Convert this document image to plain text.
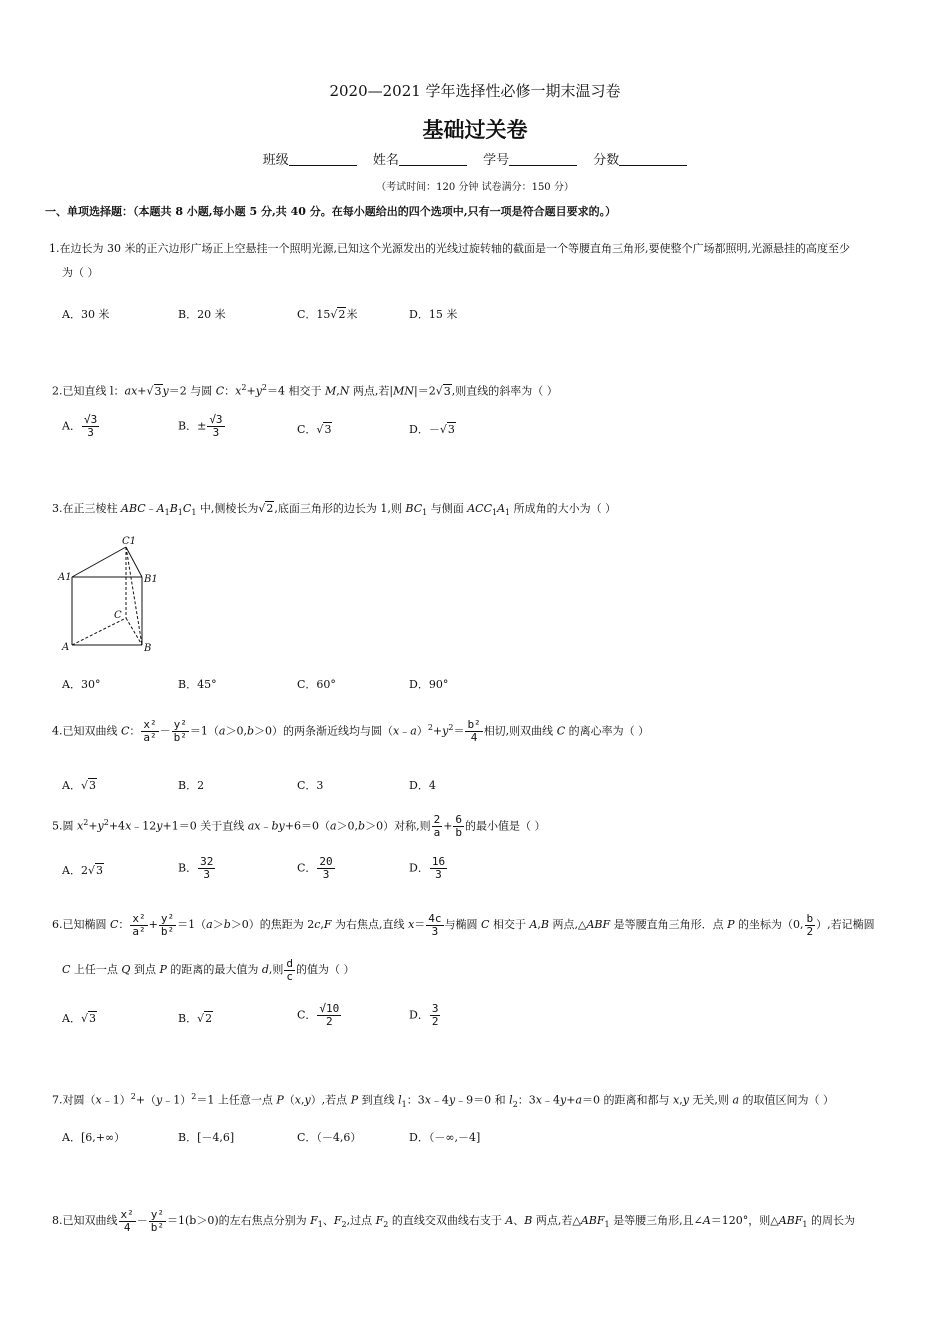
2020—2021 学年选择性必修一期末温习卷
基础过关卷
班级	姓名	学号	分数
（考试时间：120 分钟 试卷满分：150 分）
一、单项选择题：（本题共 8 小题,每小题 5 分,共 40 分。在每小题给出的四个选项中,只有一项是符合题目要求的。）
1.在边长为 30 米的正六边形广场正上空悬挂一个照明光源,已知这个光源发出的光线过旋转轴的截面是一个等腰直角三角形,要使整个广场都照明,光源悬挂的高度至少
为（ ）
A．30 米	B．20 米	C．15√2米	D．15 米
2.已知直线 l：ax+√3y＝2 与圆 C：$x^2+y^2=4$ 相交于 M,N 两点,若|MN|＝2√3,则直线的斜率为（ ）
A． $\frac{√3}{3}$	B．± $\frac{√3}{3}$	C．√3	D．－√3
3.在正三棱柱 $ABC﹣A_1B_1C_1$ 中,侧棱长为√2,底面三角形的边长为 1,则 $BC_1$ 与侧面 $ACC_1A_1$ 所成角的大小为（ ）
C1
A1	B1
C
A	B
A．30°	B．45°	C．60°	D．90°
4.已知双曲线 C： $\frac{\text{x²}}{\text{a²}} - \frac{\text{y²}}{\text{b²}} =1(a>0,b>0)$的两条渐近线均与圆$(x﹣a)^2+y^2= \frac{\text{b²}}{4}$ 相切,则双曲线 C 的离心率为（ ）
A．√3	B．2	C．3	D．4
5.圆 $x^2+y^2+4x﹣12y+1=0$ 关于直线 ax﹣by+6＝0（a＞0,b＞0）对称,则 $\frac{2}{a} + \frac{6}{b}$ 的最小值是（ ）
A．2√3	B． $\frac{32}{3}$	C． $\frac{20}{3}$	D． $\frac{16}{3}$
6.已知椭圆 C： $\frac{\text{x²}}{\text{a²}} + \frac{\text{y²}}{\text{b²}} =1(a>b>0)$的焦距为 2c,F 为右焦点,直线 $x= \frac{4c}{3}$ 与椭圆 C 相交于 A,B 两点,△ABF 是等腰直角三角形．点 P 的坐标为（0, $\frac{b}{2}$ ）,若记椭圆
C 上任一点 Q 到点 P 的距离的最大值为 d,则 $\frac{d}{c}$ 的值为（ ）
A．√3	B．√2	C． $\frac{√10}{2}$	D． $\frac{3}{2}$
7.对圆（x﹣1）$^2$+（y﹣1）$^2$＝1 上任意一点 P（x,y）,若点 P 到直线 $l_1$：3x﹣4y﹣9＝0 和 $l_2$：3x﹣4y+a＝0 的距离和都与 x,y 无关,则 a 的取值区间为（ ）
A．[6,+∞）	B．[－4,6]	C．（－4,6）	D．（－∞,－4]
8.已知双曲线 $\frac{\text{x²}}{4} - \frac{\text{y²}}{\text{b²}} =1(b>0)$的左右焦点分别为 $F_1$、$F_2$,过点 $F_2$ 的直线交双曲线右支于 A、B 两点,若$\triangle ABF_1$ 是等腰三角形,且∠A＝120°，则$\triangle ABF_1$ 的周长为
